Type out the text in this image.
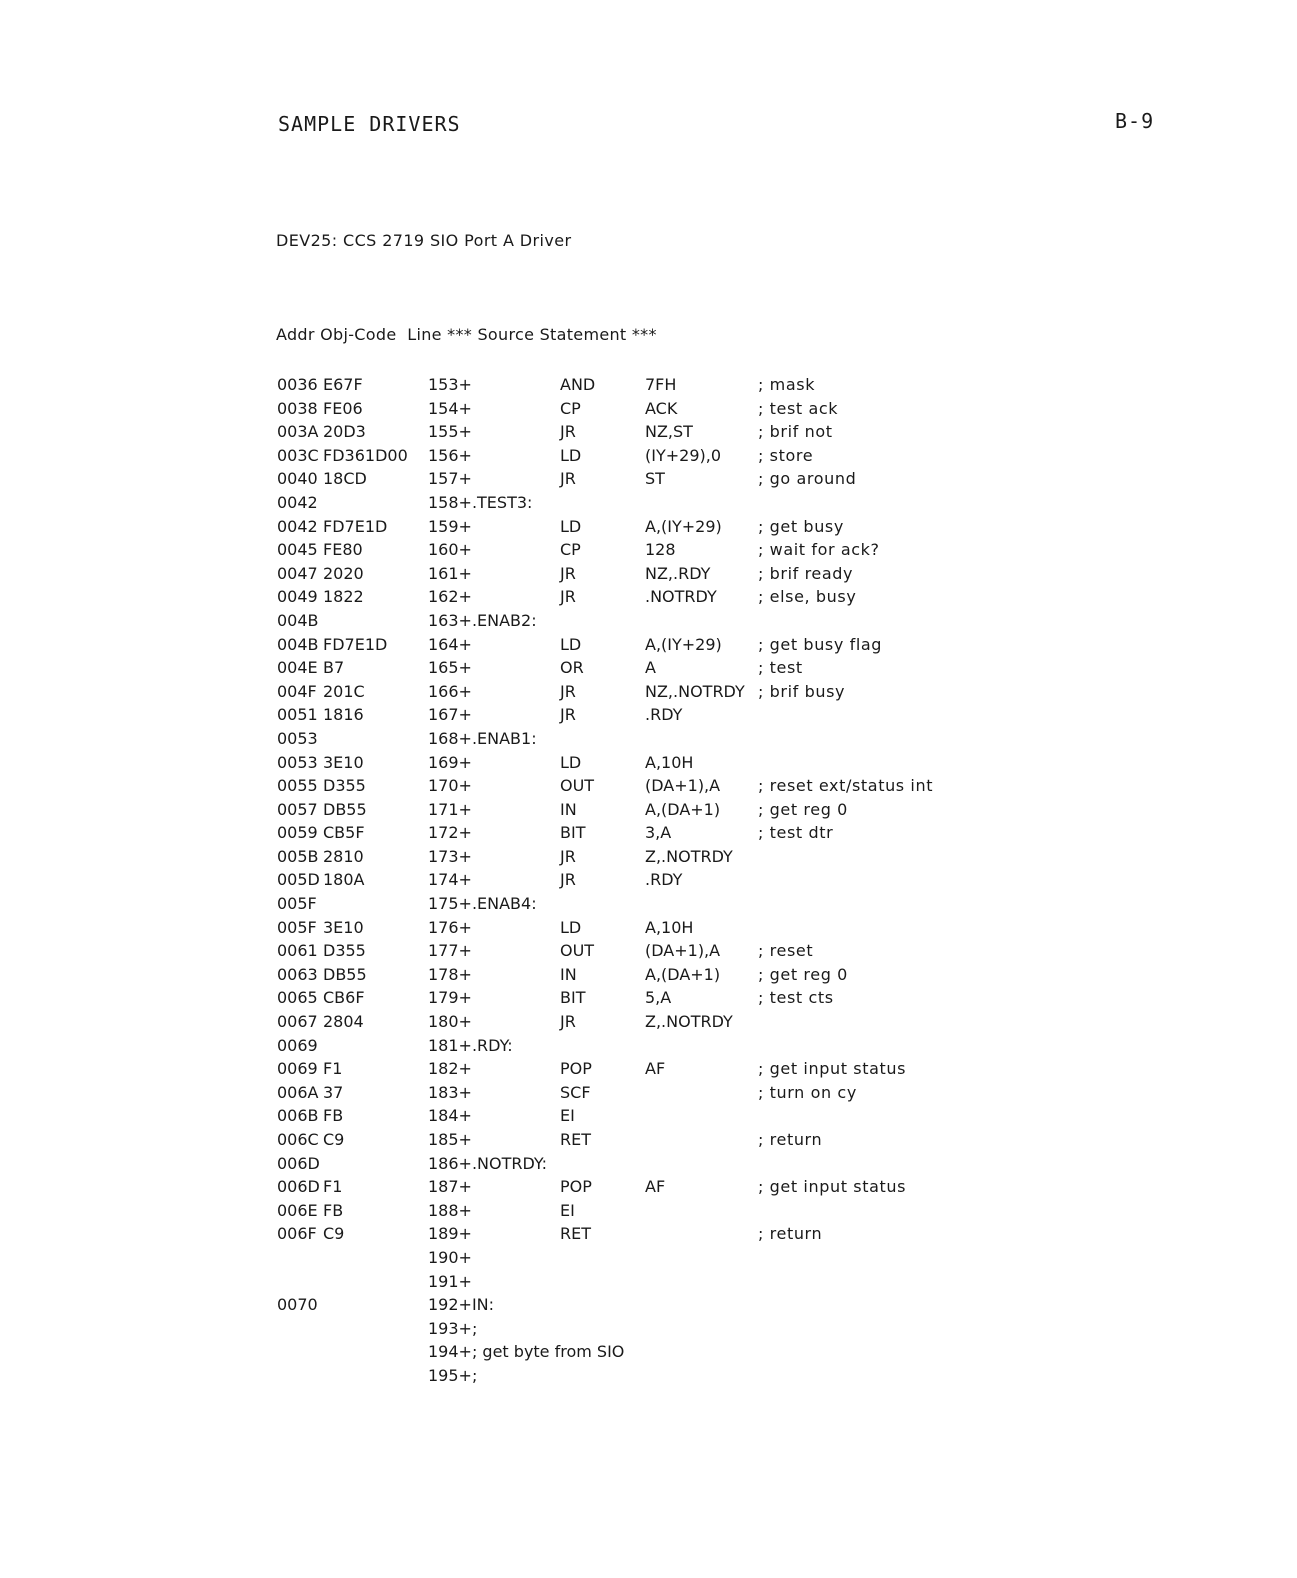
SAMPLE DRIVERS	B-9
DEV25: CCS 2719 SIO Port A Driver
Addr Obj-Code  Line *** Source Statement ***
0036 E67F	153+	AND	7FH	; mask
0038 FE06	154+	CP	ACK	; test ack
003A 20D3	155+	JR	NZ,ST	; brif not
003C FD361D00 156+	LD	(IY+29),0 ; store
0040 18CD	157+	JR	ST	; go around
0042	158+.TEST3:
0042 FD7E1D	159+	LD	A,(IY+29) ; get busy
0045 FE80	160+	CP	128	; wait for ack?
0047 2020	161+	JR	NZ,.RDY	; brif ready
0049 1822	162+	JR	.NOTRDY	; else, busy
004B	163+.ENAB2:
004B FD7E1D	164+	LD	A,(IY+29) ; get busy flag
004E B7	165+	OR	A	; test
004F 201C	166+	JR	NZ,.NOTRDY ; brif busy
0051 1816	167+	JR	.RDY
0053	168+.ENAB1:
0053 3E10	169+	LD	A,10H
0055 D355	170+	OUT	(DA+1),A ; reset ext/status int
0057 DB55	171+	IN	A,(DA+1) ; get reg 0
0059 CB5F	172+	BIT	3,A	; test dtr
005B 2810	173+	JR	Z,.NOTRDY
005D 180A	174+	JR	.RDY
005F	175+.ENAB4:
005F 3E10	176+	LD	A,10H
0061 D355	177+	OUT	(DA+1),A ; reset
0063 DB55	178+	IN	A,(DA+1) ; get reg 0
0065 CB6F	179+	BIT	5,A	; test cts
0067 2804	180+	JR	Z,.NOTRDY
0069	181+.RDY:
0069 F1	182+	POP	AF	; get input status
006A 37	183+	SCF	; turn on cy
006B FB	184+	EI
006C C9	185+	RET	; return
006D	186+.NOTRDY:
006D F1	187+	POP	AF	; get input status
006E FB	188+	EI
006F C9	189+	RET	; return
190+
191+
0070	192+IN:
193+;
194+; get byte from SIO
195+;
